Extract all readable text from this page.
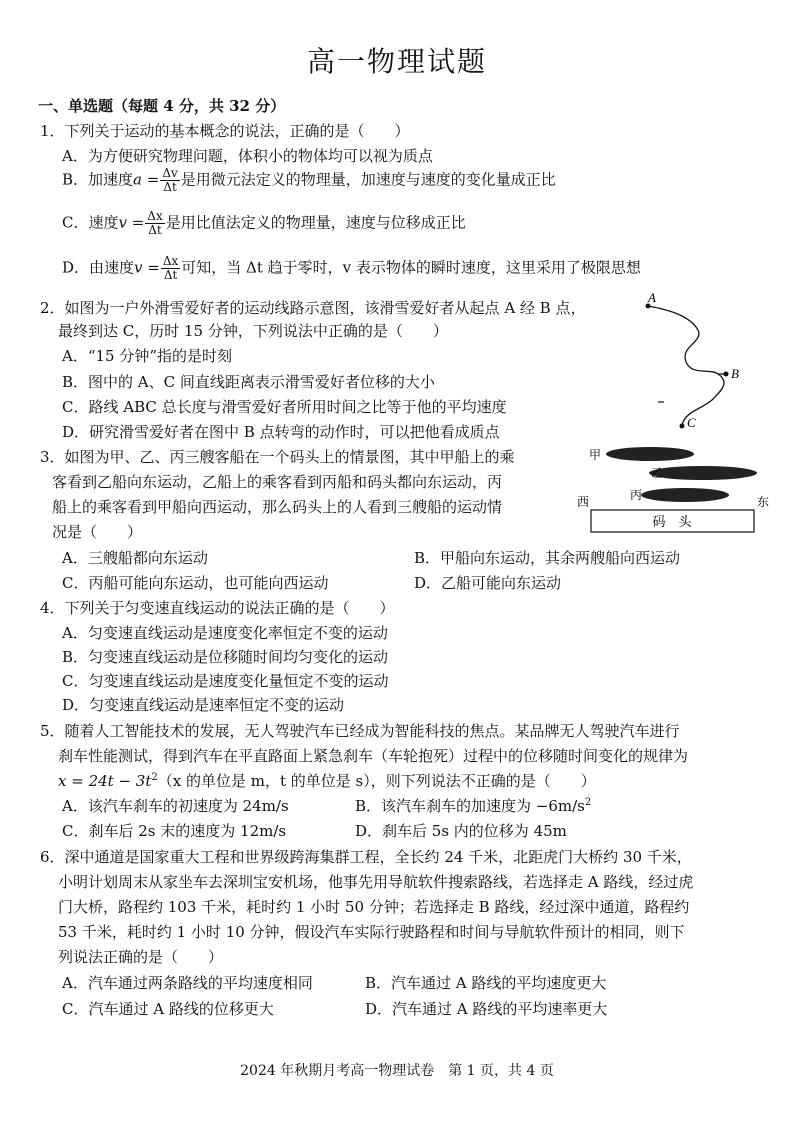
高一物理试题
一、单选题（每题 4 分，共 32 分）
1．下列关于运动的基本概念的说法，正确的是（　　）
A．为方便研究物理问题，体积小的物体均可以视为质点
B．加速度$a = \frac{\Delta v}{\Delta t}$ 是用微元法定义的物理量，加速度与速度的变化量成正比
C．速度$v = \frac{\Delta x}{\Delta t}$ 是用比值法定义的物理量，速度与位移成正比
D．由速度$v = \frac{\Delta x}{\Delta t}$ 可知，当 Δt 趋于零时，v 表示物体的瞬时速度，这里采用了极限思想
2．如图为一户外滑雪爱好者的运动线路示意图，该滑雪爱好者从起点 A 经 B 点，
最终到达 C，历时 15 分钟，下列说法中正确的是（　　）
A．“15 分钟”指的是时刻
B．图中的 A、C 间直线距离表示滑雪爱好者位移的大小
C．路线 ABC 总长度与滑雪爱好者所用时间之比等于他的平均速度
D．研究滑雪爱好者在图中 B 点转弯的动作时，可以把他看成质点
A
B
C
3．如图为甲、乙、丙三艘客船在一个码头上的情景图，其中甲船上的乘
客看到乙船向东运动，乙船上的乘客看到丙船和码头都向东运动，丙
船上的乘客看到甲船向西运动，那么码头上的人看到三艘船的运动情
况是（　　）
A．三艘船都向东运动	B．甲船向东运动，其余两艘船向西运动
C．丙船可能向东运动，也可能向西运动	D．乙船可能向东运动
甲
乙
丙
西	东
码　头
4．下列关于匀变速直线运动的说法正确的是（　　）
A．匀变速直线运动是速度变化率恒定不变的运动
B．匀变速直线运动是位移随时间均匀变化的运动
C．匀变速直线运动是速度变化量恒定不变的运动
D．匀变速直线运动是速率恒定不变的运动
5．随着人工智能技术的发展，无人驾驶汽车已经成为智能科技的焦点。某品牌无人驾驶汽车进行
刹车性能测试，得到汽车在平直路面上紧急刹车（车轮抱死）过程中的位移随时间变化的规律为
$x = 24t - 3t^2(x$ 的单位是 m，t 的单位是 s），则下列说法不正确的是（　　）
A．该汽车刹车的初速度为 24m/s	B．该汽车刹车的加速度为 $-6m/s^2$
C．刹车后 2s 末的速度为 12m/s	D．刹车后 5s 内的位移为 45m
6．深中通道是国家重大工程和世界级跨海集群工程，全长约 24 千米，北距虎门大桥约 30 千米，
小明计划周末从家坐车去深圳宝安机场，他事先用导航软件搜索路线，若选择走 A 路线，经过虎
门大桥，路程约 103 千米，耗时约 1 小时 50 分钟；若选择走 B 路线，经过深中通道，路程约
53 千米，耗时约 1 小时 10 分钟，假设汽车实际行驶路程和时间与导航软件预计的相同，则下
列说法正确的是（　　）
A．汽车通过两条路线的平均速度相同	B．汽车通过 A 路线的平均速度更大
C．汽车通过 A 路线的位移更大	D．汽车通过 A 路线的平均速率更大
2024 年秋期月考高一物理试卷　第 1 页，共 4 页
